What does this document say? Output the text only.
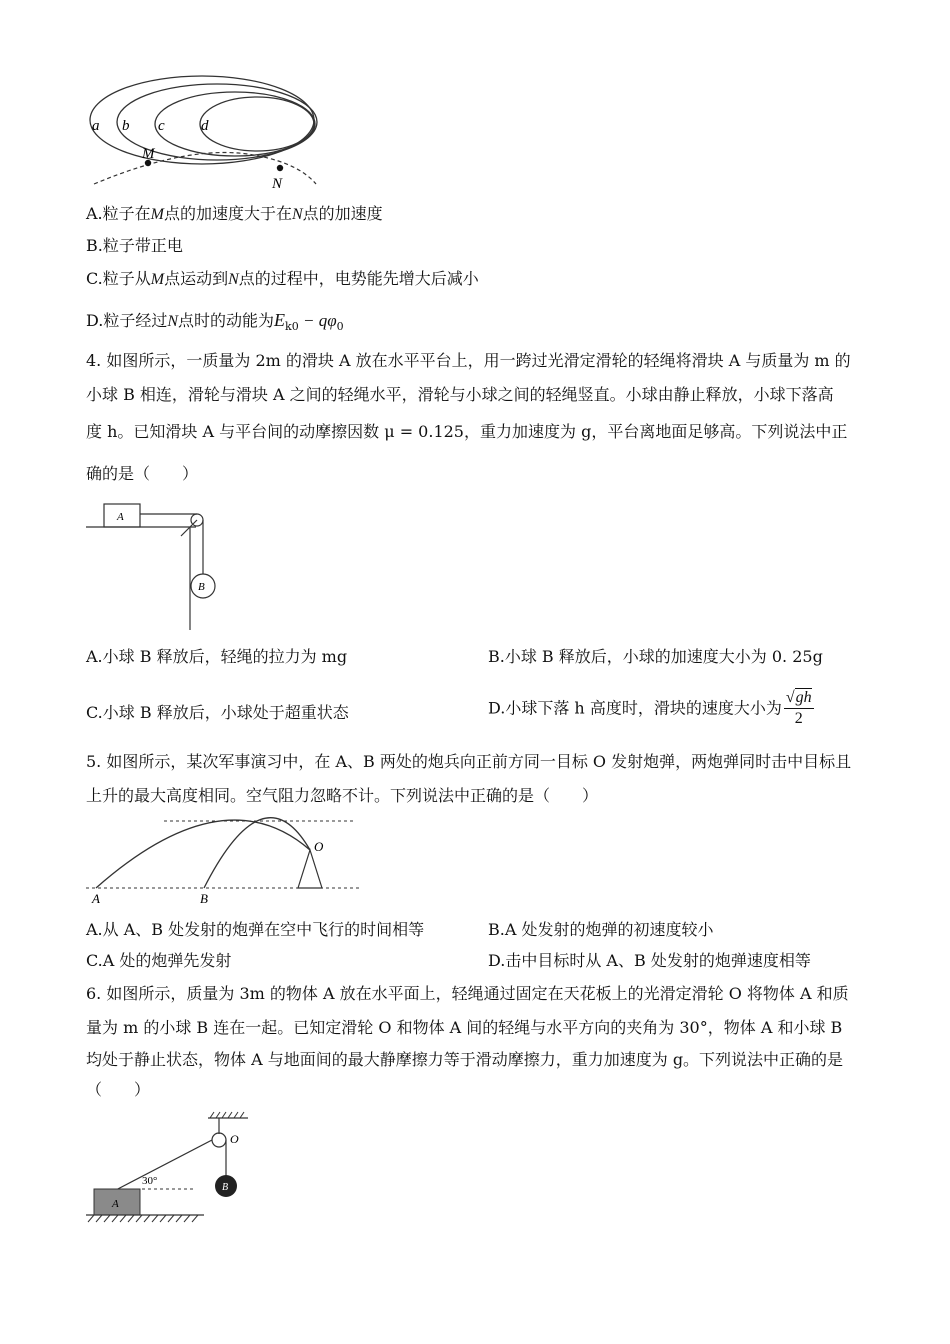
a b c d
M
N
A.粒子在M点的加速度大于在N点的加速度
B.粒子带正电
C.粒子从M点运动到N点的过程中，电势能先增大后减小
D.粒子经过N点时的动能为$E_{k0} - q\varphi_0$
4. 如图所示，一质量为 2m 的滑块 A 放在水平平台上，用一跨过光滑定滑轮的轻绳将滑块 A 与质量为 m 的
小球 B 相连，滑轮与滑块 A 之间的轻绳水平，滑轮与小球之间的轻绳竖直。小球由静止释放，小球下落高
度 h。已知滑块 A 与平台间的动摩擦因数 μ = 0.125，重力加速度为 g，平台离地面足够高。下列说法中正
确的是（　　）
A
B
A.小球 B 释放后，轻绳的拉力为 mg	B.小球 B 释放后，小球的加速度大小为 0. 25g
C.小球 B 释放后，小球处于超重状态	D.小球下落 h 高度时，滑块的速度大小为 $\frac{√gh}{2}$
5. 如图所示，某次军事演习中，在 A、B 两处的炮兵向正前方同一目标 O 发射炮弹，两炮弹同时击中目标且
上升的最大高度相同。空气阻力忽略不计。下列说法中正确的是（　　）
A	B
O
A.从 A、B 处发射的炮弹在空中飞行的时间相等	B.A 处发射的炮弹的初速度较小
C.A 处的炮弹先发射	D.击中目标时从 A、B 处发射的炮弹速度相等
6. 如图所示，质量为 3m 的物体 A 放在水平面上，轻绳通过固定在天花板上的光滑定滑轮 O 将物体 A 和质
量为 m 的小球 B 连在一起。已知定滑轮 O 和物体 A 间的轻绳与水平方向的夹角为 30°，物体 A 和小球 B
均处于静止状态，物体 A 与地面间的最大静摩擦力等于滑动摩擦力，重力加速度为 g。下列说法中正确的是
（　　）
O
30°
A
B
